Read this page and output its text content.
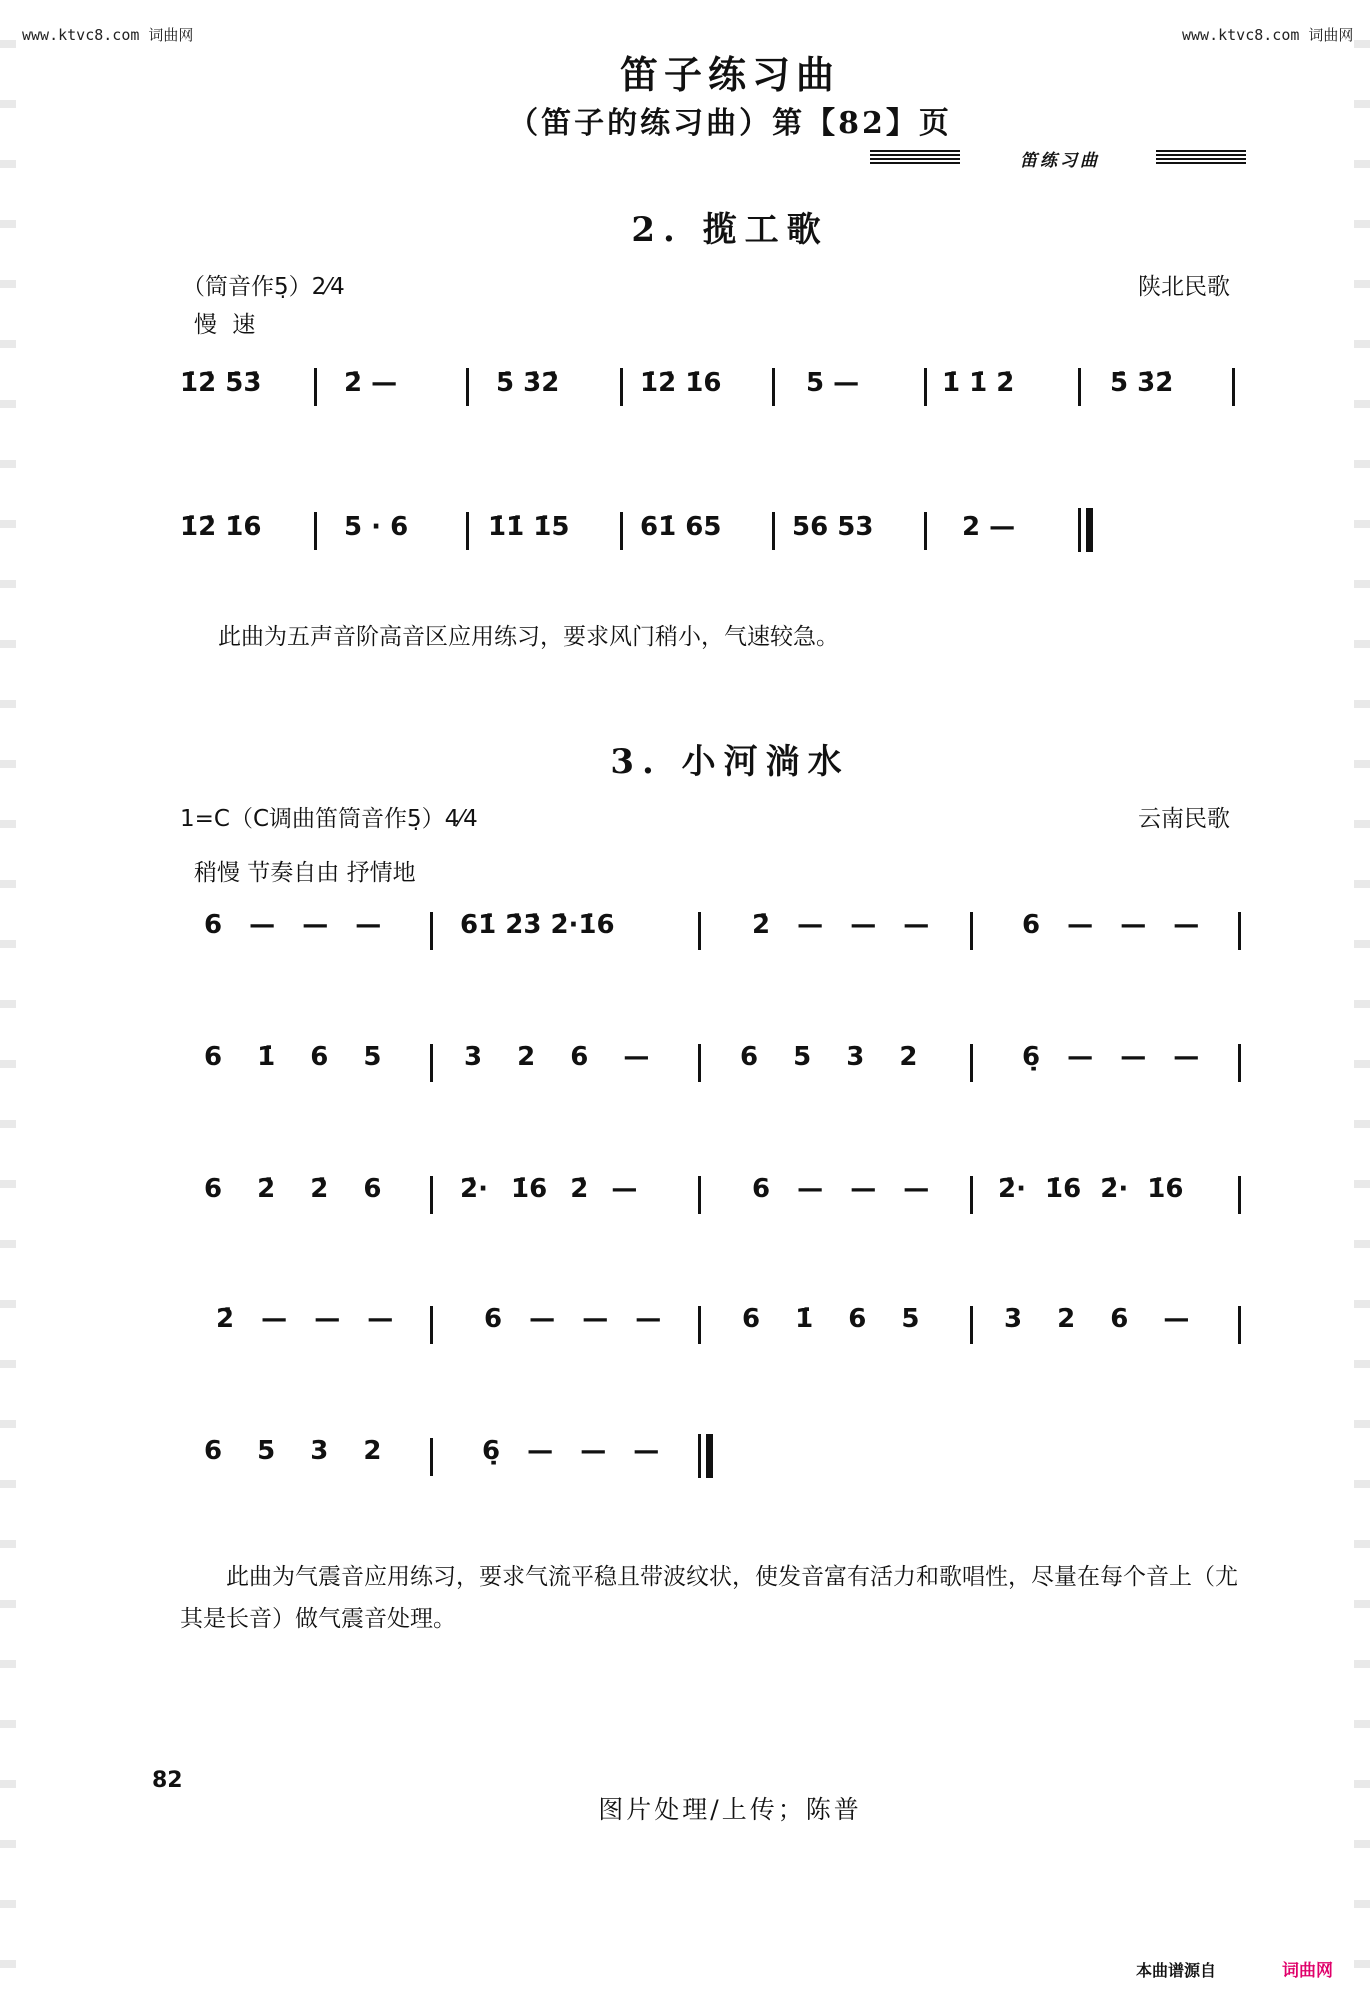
www.ktvc8.com 词曲网	www.ktvc8.com 词曲网
笛子练习曲
（笛子的练习曲）第【82】页
笛练习曲
2. 揽工歌
（筒音作5̣）2⁄4	陕北民歌
慢 速
1̇2̇ 5̇3̇	2̇ —	5̇ 3̇2̇	1̇2̇ 1̇6	5 —	1̇ 1̇ 2̇	5̇ 3̇2̇
1̇2̇ 1̇6	5 · 6	1̇1̇ 1̇5	61̇ 65	56 53	2 —
此曲为五声音阶高音区应用练习，要求风门稍小，气速较急。
3. 小河淌水
1=C（C调曲笛筒音作5̣）4⁄4	云南民歌
稍慢 节奏自由 抒情地
6 — — —	61̇ 2̇3̇ 2̇·1̇6	2̇ — — —	6 — — —
6 1̇ 6 5	3 2 6 —	6 5 3 2	6̣ — — —
6 2̇ 2̇ 6	2̇· 1̇6 2̇ —	6 — — —	2̇· 1̇6 2̇· 1̇6
2̇ — — —	6 — — —	6 1̇ 6 5	3 2 6 —
6 5 3 2	6̣ — — —
此曲为气震音应用练习，要求气流平稳且带波纹状，使发音富有活力和歌唱性，尽量在每个音上（尤其是长音）做气震音处理。
82
图片处理/上传；陈普
本曲谱源自	词曲网
